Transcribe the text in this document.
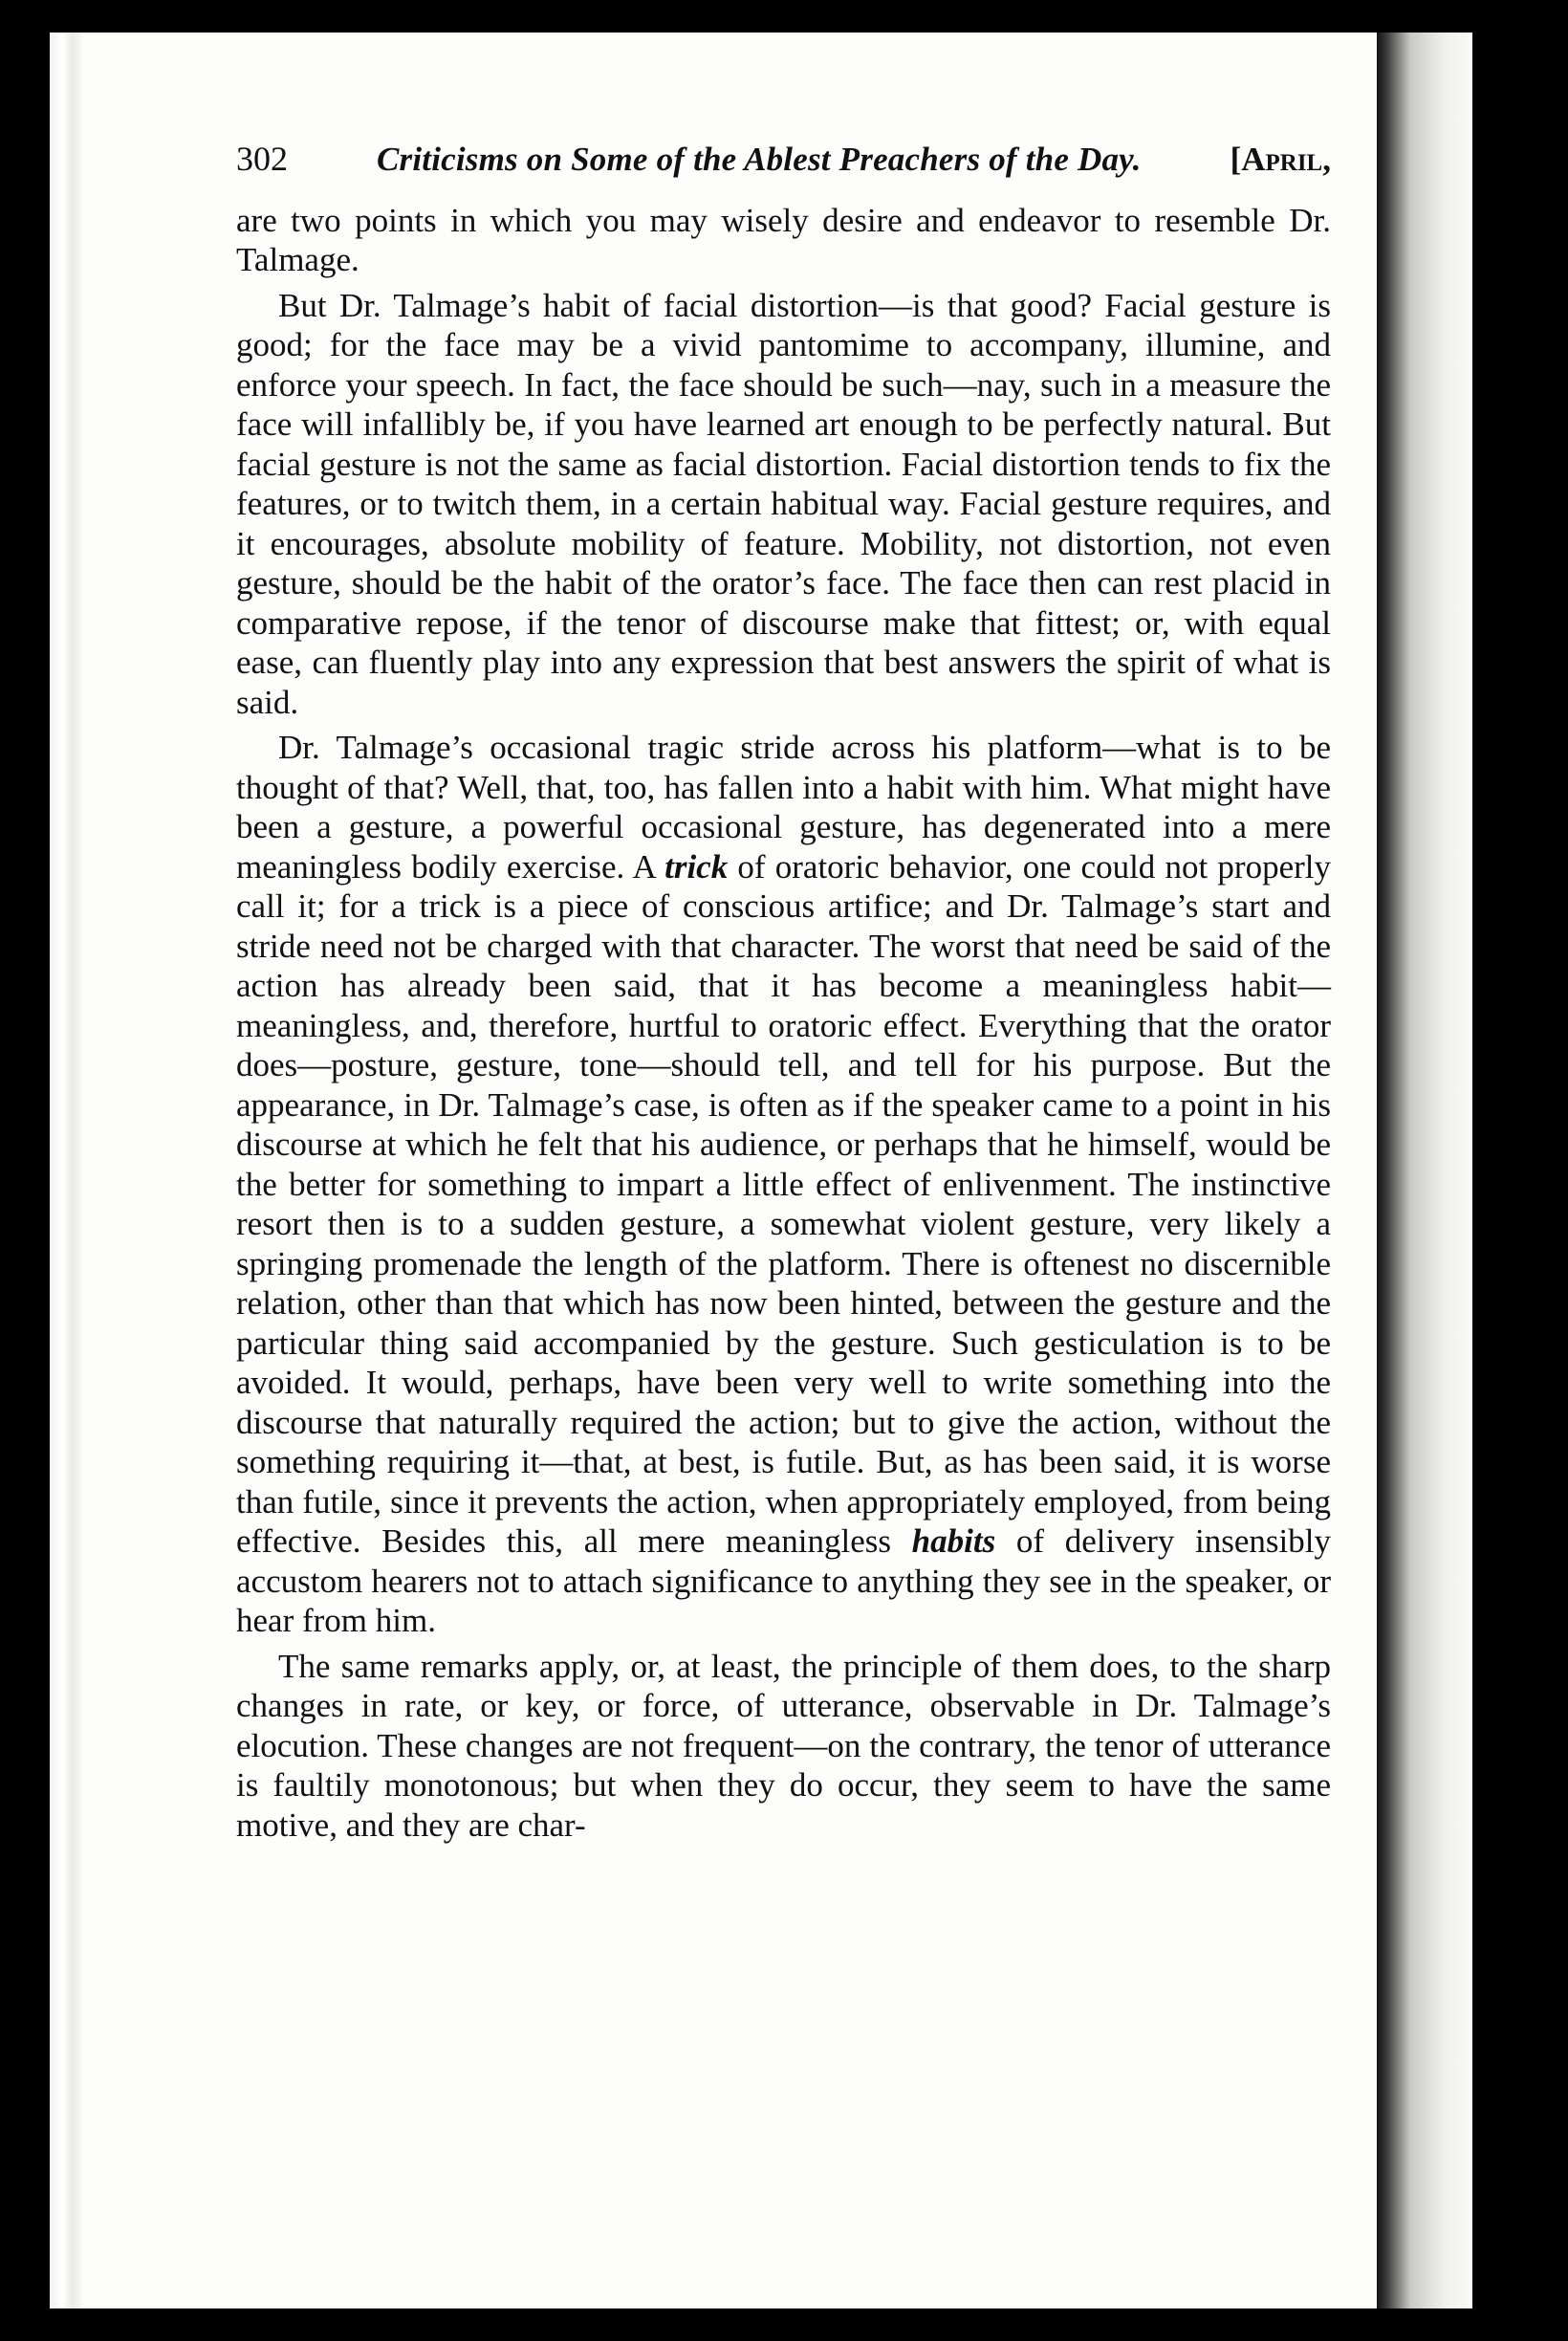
302	Criticisms on Some of the Ablest Preachers of the Day.	[April,

are two points in which you may wisely desire and endeavor to resemble Dr. Talmage.

But Dr. Talmage’s habit of facial distortion—is that good? Facial gesture is good; for the face may be a vivid pantomime to accompany, illumine, and enforce your speech. In fact, the face should be such—nay, such in a measure the face will infallibly be, if you have learned art enough to be perfectly natural. But facial gesture is not the same as facial distortion. Facial distortion tends to fix the features, or to twitch them, in a certain habitual way. Facial gesture requires, and it encourages, absolute mobility of feature. Mobility, not distortion, not even gesture, should be the habit of the orator’s face. The face then can rest placid in comparative repose, if the tenor of discourse make that fittest; or, with equal ease, can fluently play into any expression that best answers the spirit of what is said.

Dr. Talmage’s occasional tragic stride across his platform—what is to be thought of that? Well, that, too, has fallen into a habit with him. What might have been a gesture, a powerful occasional gesture, has degenerated into a mere meaningless bodily exercise. A trick of oratoric behavior, one could not properly call it; for a trick is a piece of conscious artifice; and Dr. Talmage’s start and stride need not be charged with that character. The worst that need be said of the action has already been said, that it has become a meaningless habit—meaningless, and, therefore, hurtful to oratoric effect. Everything that the orator does—posture, gesture, tone—should tell, and tell for his purpose. But the appearance, in Dr. Talmage’s case, is often as if the speaker came to a point in his discourse at which he felt that his audience, or perhaps that he himself, would be the better for something to impart a little effect of enlivenment. The instinctive resort then is to a sudden gesture, a somewhat violent gesture, very likely a springing promenade the length of the platform. There is oftenest no discernible relation, other than that which has now been hinted, between the gesture and the particular thing said accompanied by the gesture. Such gesticulation is to be avoided. It would, perhaps, have been very well to write something into the discourse that naturally required the action; but to give the action, without the something requiring it—that, at best, is futile. But, as has been said, it is worse than futile, since it prevents the action, when appropriately employed, from being effective. Besides this, all mere meaningless habits of delivery insensibly accustom hearers not to attach significance to anything they see in the speaker, or hear from him.

The same remarks apply, or, at least, the principle of them does, to the sharp changes in rate, or key, or force, of utterance, observable in Dr. Talmage’s elocution. These changes are not frequent—on the contrary, the tenor of utterance is faultily monotonous; but when they do occur, they seem to have the same motive, and they are char-
